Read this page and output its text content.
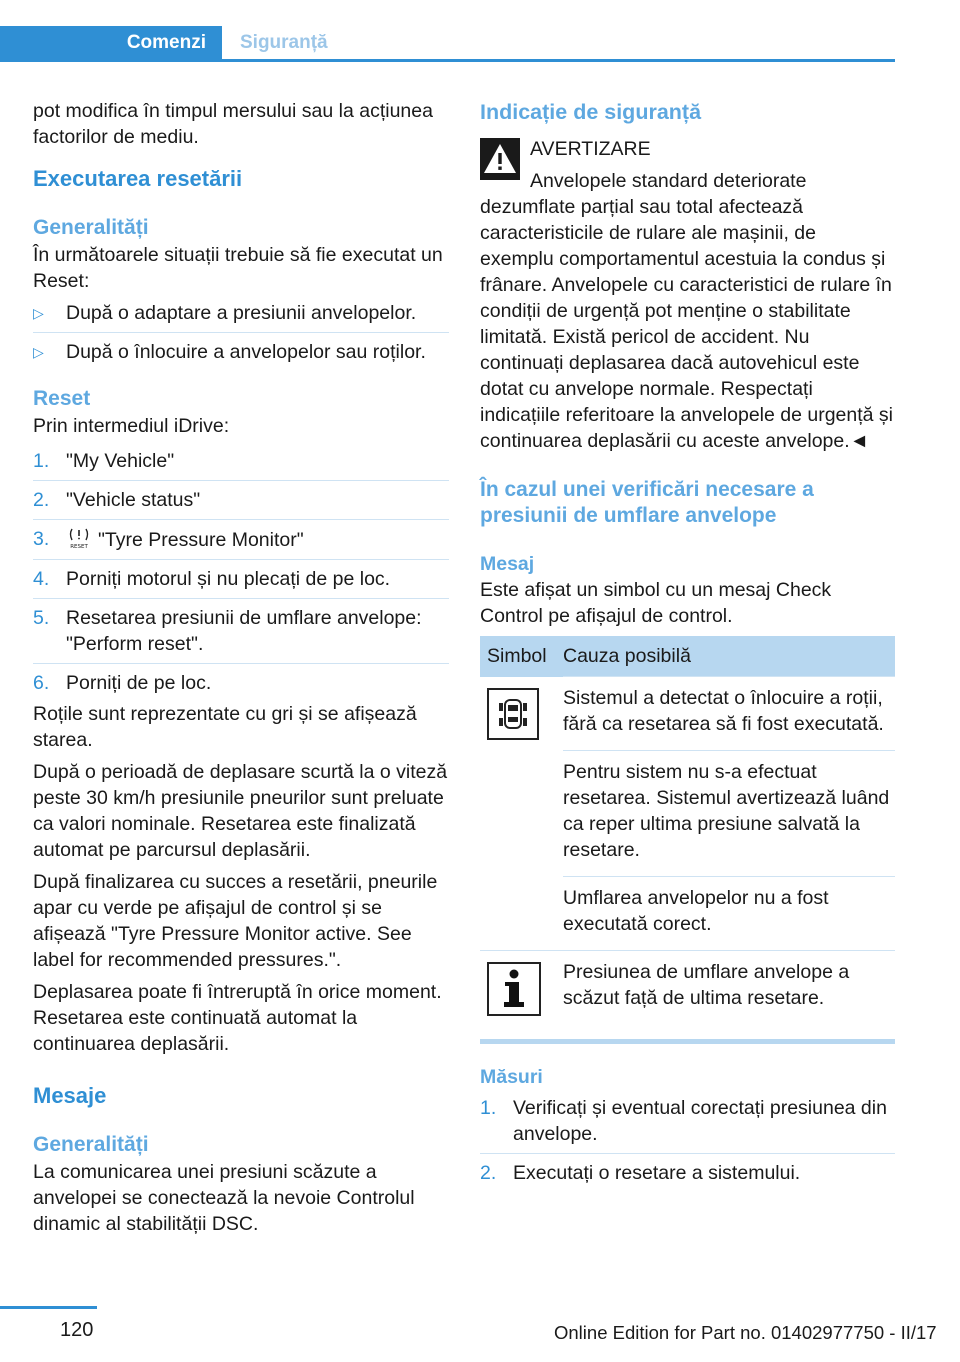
Comenzi	Siguranță

pot modifica în timpul mersului sau la acțiunea factorilor de mediu.

Executarea resetării
Generalități

În următoarele situații trebuie să fie executat un Reset:

▷ După o adaptare a presiunii anvelopelor.
▷ După o înlocuire a anvelopelor sau roților.
Reset

Prin intermediul iDrive:

1. "My Vehicle"
2. "Vehicle status"
3.	RESET "Tyre Pressure Monitor"
4. Porniți motorul și nu plecați de pe loc.
5. Resetarea presiunii de umflare anvelope: "Perform reset".
6. Porniți de pe loc.

Roțile sunt reprezentate cu gri și se afișează starea.

După o perioadă de deplasare scurtă la o viteză peste 30 km/h presiunile pneurilor sunt preluate ca valori nominale. Resetarea este finalizată automat pe parcursul deplasării.

După finalizarea cu succes a resetării, pneurile apar cu verde pe afișajul de control și se afișează "Tyre Pressure Monitor active. See label for recommended pressures.".

Deplasarea poate fi întreruptă în orice moment. Resetarea este continuată automat la continuarea deplasării.

Mesaje
Generalități

La comunicarea unei presiuni scăzute a anvelopei se conectează la nevoie Controlul dinamic al stabilității DSC.

Indicație de siguranță

AVERTIZARE

Anvelopele standard deteriorate dezumflate parțial sau total afectează caracteristicile de rulare ale mașinii, de exemplu comportamentul acestuia la condus și frânare. Anvelopele cu caracteristici de rulare în condiții de urgență pot menține o stabilitate limitată. Există pericol de accident. Nu continuați deplasarea dacă autovehicul este dotat cu anvelope normale. Respectați indicațiile referitoare la anvelopele de urgență și continuarea deplasării cu aceste anvelope.◄

În cazul unei verificări necesare a presiunii de umflare anvelope
Mesaj

Este afișat un simbol cu un mesaj Check Control pe afișajul de control.

Simbol	Cauza posibilă

	Sistemul a detectat o înlocuire a roții, fără ca resetarea să fi fost executată.
	Pentru sistem nu s-a efectuat resetarea. Sistemul avertizează luând ca reper ultima presiune salvată la resetare.
	Umflarea anvelopelor nu a fost executată corect.

	Presiunea de umflare anvelope a scăzut față de ultima resetare.
Măsuri
1. Verificați și eventual corectați presiunea din anvelope.
2. Executați o resetare a sistemului.
120	Online Edition for Part no. 01402977750 - II/17
